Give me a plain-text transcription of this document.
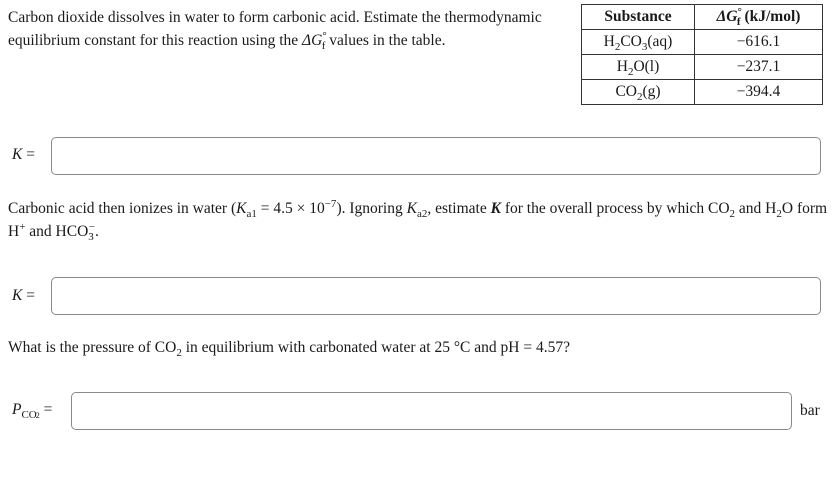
Carbon dioxide dissolves in water to form carbonic acid. Estimate the thermodynamic equilibrium constant for this reaction using the $\Delta G^\circ_f$ values in the table.
Substance	$\Delta G^\circ_f$ (kJ/mol)
$H_2CO_3(aq)$	−616.1
$H_2O(l)$	−237.1
$CO_2(g)$	−394.4
K =
Carbonic acid then ionizes in water $(K_{a1} = 4.5 \times 10^{-7})$. Ignoring $K_{a2}$, estimate K for the overall process by which $CO_2$ and $H_2O$ form H+ and $HCO_3^-$.
K =
What is the pressure of $CO_2$ in equilibrium with carbonated water at 25 °C and pH = 4.57?
$P_{CO2}$ =	bar
